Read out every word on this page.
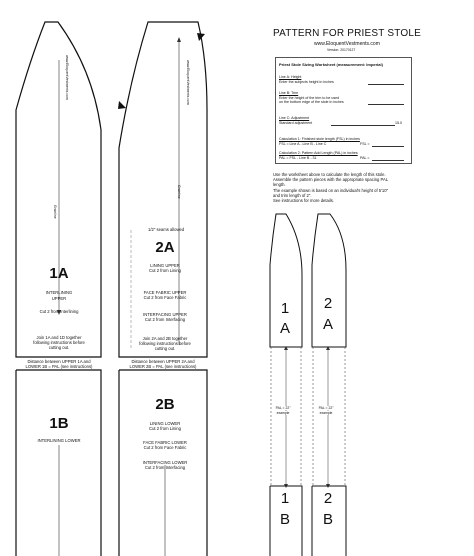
PATTERN FOR PRIEST STOLE
www.EloquentVestments.com
Version: 20170127
Priest Stole Sizing Worksheet (measurement: Imperial)
Line A: Height
Enter the subjects height in inches
Line B: Trim
Enter the height of the trim to be used
on the bottom edge of the stole in inches
Line C: Adjustment
Standard adjustment	15.0
Calculation 1: Finished stole length (FSL) in inches
FSL = Line A - Line B - Line C	FSL =
Calculation 2: Pattern Add Length (PAL) in inches
PAL = FSL - Line B - 31	PAL =
Use the worksheet above to calculate the length of this stole.
Assemble the pattern pieces with the appropriate spacing PAL
length.
The example shown is based on an individual's height of 5'10"
and trim length of 2".
See instructions for more details.
www.EloquentVestments.com
Grainline
1A
INTERLINING
UPPER
Cut 2 from Interlining
Join 1A and 1D together
following instructions before
cutting out.
Distance between UPPER 1A and
LOWER 1B = PAL (see instructions)
1B
INTERLINING LOWER
www.EloquentVestments.com
Grainline
1/2" seams allowed
2A
LINING UPPER
Cut 2 from Lining
FACE FABRIC UPPER
Cut 2 from Face Fabric
INTERFACING UPPER
Cut 2 from Interfacing
Join 2A and 2B together
following instructions before
cutting out.
Distance between UPPER 2A and
LOWER 2B = PAL (see instructions)
2B
LINING LOWER
Cut 2 from Lining
FACE FABRIC LOWER
Cut 2 from Face Fabric
INTERFACING LOWER
Cut 2 from Interfacing
1
A
2
A
PAL = 22"
example
PAL = 22"
example
1
B
2
B
